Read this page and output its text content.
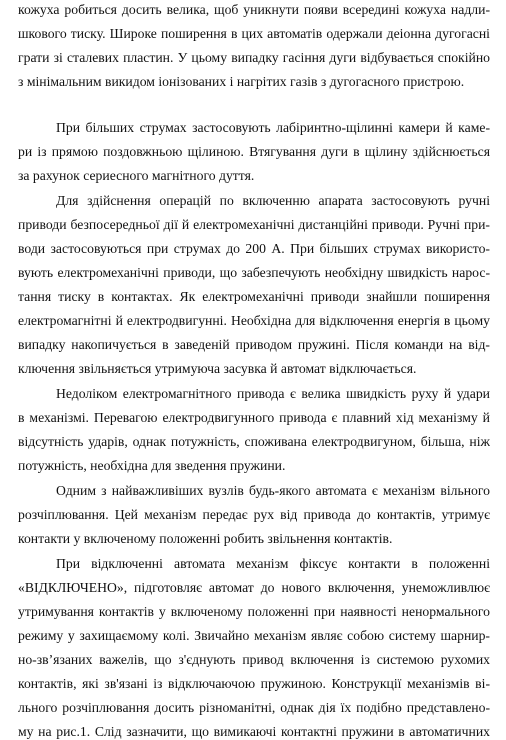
кожуха робиться досить велика, щоб уникнути появи всередині кожуха надли-
шкового тиску. Широке поширення в цих автоматів одержали деіонна дугогасні
грати зі сталевих пластин. У цьому випадку гасіння дуги відбувається спокійно
з мінімальним викидом іонізованих і нагрітих газів з дугогасного пристрою.
При більших струмах застосовують лабіринтно-щілинні камери й каме-
ри із прямою поздовжньою щілиною. Втягування дуги в щілину здійснюється
за рахунок сериесного магнітного дуття.
Для здійснення операцій по включенню апарата застосовують ручні
приводи безпосередньої дії й електромеханічні дистанційні приводи. Ручні при-
води застосовуються при струмах до 200 А. При більших струмах використо-
вують електромеханічні приводи, що забезпечують необхідну швидкість нарос-
тання тиску в контактах. Як електромеханічні приводи знайшли поширення
електромагнітні й електродвигунні. Необхідна для відключення енергія в цьому
випадку накопичується в заведеній приводом пружині. Після команди на від-
ключення звільняється утримуюча засувка й автомат відключається.
Недоліком електромагнітного привода є велика швидкість руху й удари
в механізмі. Перевагою електродвигунного привода є плавний хід механізму й
відсутність ударів, однак потужність, споживана електродвигуном, більша, ніж
потужність, необхідна для зведення пружини.
Одним з найважливіших вузлів будь-якого автомата є механізм вільного
розчіплювання. Цей механізм передає рух від привода до контактів, утримує
контакти у включеному положенні робить звільнення контактів.
При відключенні автомата механізм фіксує контакти в положенні
«ВІДКЛЮЧЕНО», підготовляє автомат до нового включення, унеможливлює
утримування контактів у включеному положенні при наявності ненормального
режиму у захищаємому колі. Звичайно механізм являє собою систему шарнир-
но-зв’язаних важелів, що з'єднують привод включення із системою рухомих
контактів, які зв'язані із відключаючою пружиною. Конструкції механізмів ві-
льного розчіплювання досить різноманітні, однак дія їх подібно представлено-
му на рис.1. Слід зазначити, що вимикаючі контактні пружини в автоматичних
